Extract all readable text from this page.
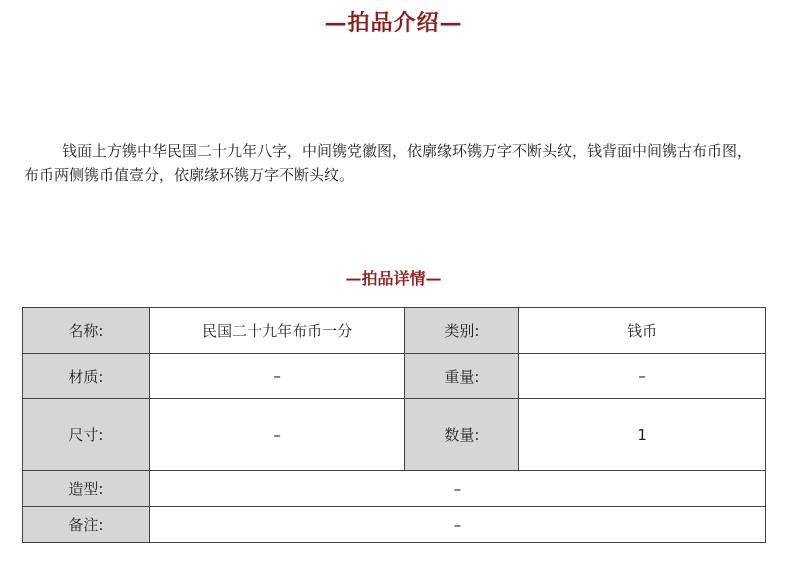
—拍品介绍—

钱面上方镌中华民国二十九年八字，中间镌党徽图，依廓缘环镌万字不断头纹，钱背面中间镌古布币图，布币两侧镌币值壹分，依廓缘环镌万字不断头纹。

—拍品详情—
名称:	民国二十九年布币一分	类别:	钱币
材质:	–	重量:	–
尺寸:	–	数量:	1
造型:	–		
备注:	–		
